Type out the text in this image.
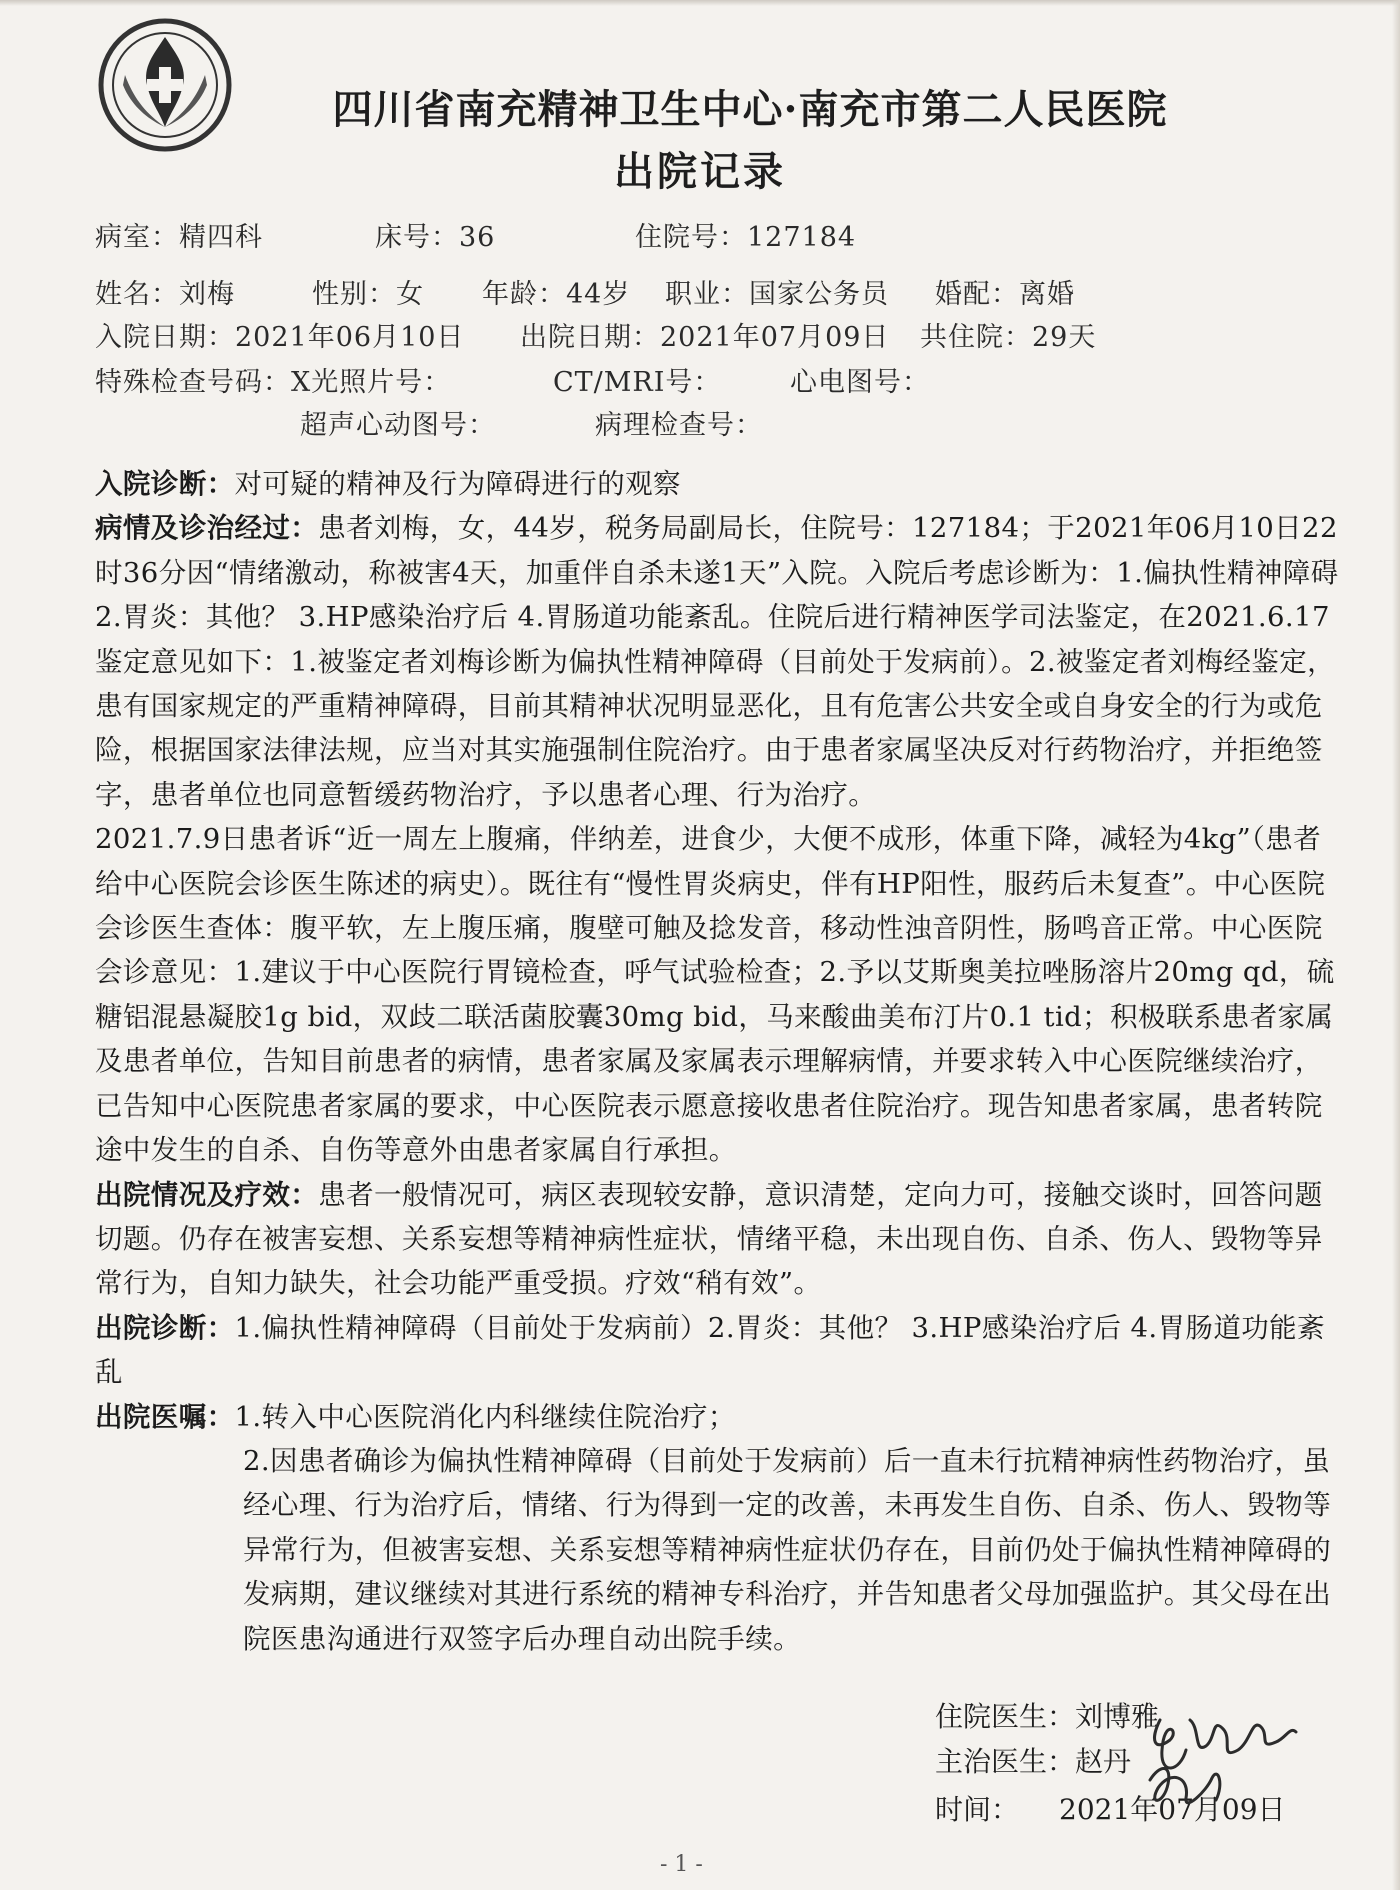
四川省南充精神卫生中心·南充市第二人民医院
出院记录
病室：精四科	床号：36	住院号：127184
姓名：刘梅	性别：女 年龄：44岁 职业：国家公务员 婚配：离婚
入院日期：2021年06月10日 出院日期：2021年07月09日 共住院：29天
特殊检查号码：X光照片号：	CT/MRI号：	心电图号：
超声心动图号：	病理检查号：

入院诊断：对可疑的精神及行为障碍进行的观察

病情及诊治经过：患者刘梅，女，44岁，税务局副局长，住院号：127184；于2021年06月10日22时36分因“情绪激动，称被害4天，加重伴自杀未遂1天”入院。入院后考虑诊断为：1.偏执性精神障碍 2.胃炎：其他？ 3.HP感染治疗后 4.胃肠道功能紊乱。住院后进行精神医学司法鉴定，在2021.6.17鉴定意见如下：1.被鉴定者刘梅诊断为偏执性精神障碍（目前处于发病前）。2.被鉴定者刘梅经鉴定，患有国家规定的严重精神障碍，目前其精神状况明显恶化，且有危害公共安全或自身安全的行为或危险，根据国家法律法规，应当对其实施强制住院治疗。由于患者家属坚决反对行药物治疗，并拒绝签字，患者单位也同意暂缓药物治疗，予以患者心理、行为治疗。

2021.7.9日患者诉“近一周左上腹痛，伴纳差，进食少，大便不成形，体重下降，减轻为4kg”（患者给中心医院会诊医生陈述的病史）。既往有“慢性胃炎病史，伴有HP阳性，服药后未复查”。中心医院会诊医生查体：腹平软，左上腹压痛，腹壁可触及捻发音，移动性浊音阴性，肠鸣音正常。中心医院会诊意见：1.建议于中心医院行胃镜检查，呼气试验检查；2.予以艾斯奥美拉唑肠溶片20mg qd，硫糖铝混悬凝胶1g bid，双歧二联活菌胶囊30mg bid，马来酸曲美布汀片0.1 tid；积极联系患者家属及患者单位，告知目前患者的病情，患者家属及家属表示理解病情，并要求转入中心医院继续治疗，已告知中心医院患者家属的要求，中心医院表示愿意接收患者住院治疗。现告知患者家属，患者转院途中发生的自杀、自伤等意外由患者家属自行承担。

出院情况及疗效：患者一般情况可，病区表现较安静，意识清楚，定向力可，接触交谈时，回答问题切题。仍存在被害妄想、关系妄想等精神病性症状，情绪平稳，未出现自伤、自杀、伤人、毁物等异常行为，自知力缺失，社会功能严重受损。疗效“稍有效”。

出院诊断：1.偏执性精神障碍（目前处于发病前）2.胃炎：其他？ 3.HP感染治疗后 4.胃肠道功能紊乱

出院医嘱：1.转入中心医院消化内科继续住院治疗；

2.因患者确诊为偏执性精神障碍（目前处于发病前）后一直未行抗精神病性药物治疗，虽经心理、行为治疗后，情绪、行为得到一定的改善，未再发生自伤、自杀、伤人、毁物等异常行为，但被害妄想、关系妄想等精神病性症状仍存在，目前仍处于偏执性精神障碍的发病期，建议继续对其进行系统的精神专科治疗，并告知患者父母加强监护。其父母在出院医患沟通进行双签字后办理自动出院手续。

住院医生：刘博雅
主治医生：赵丹
时间： 2021年07月09日
- 1 -
